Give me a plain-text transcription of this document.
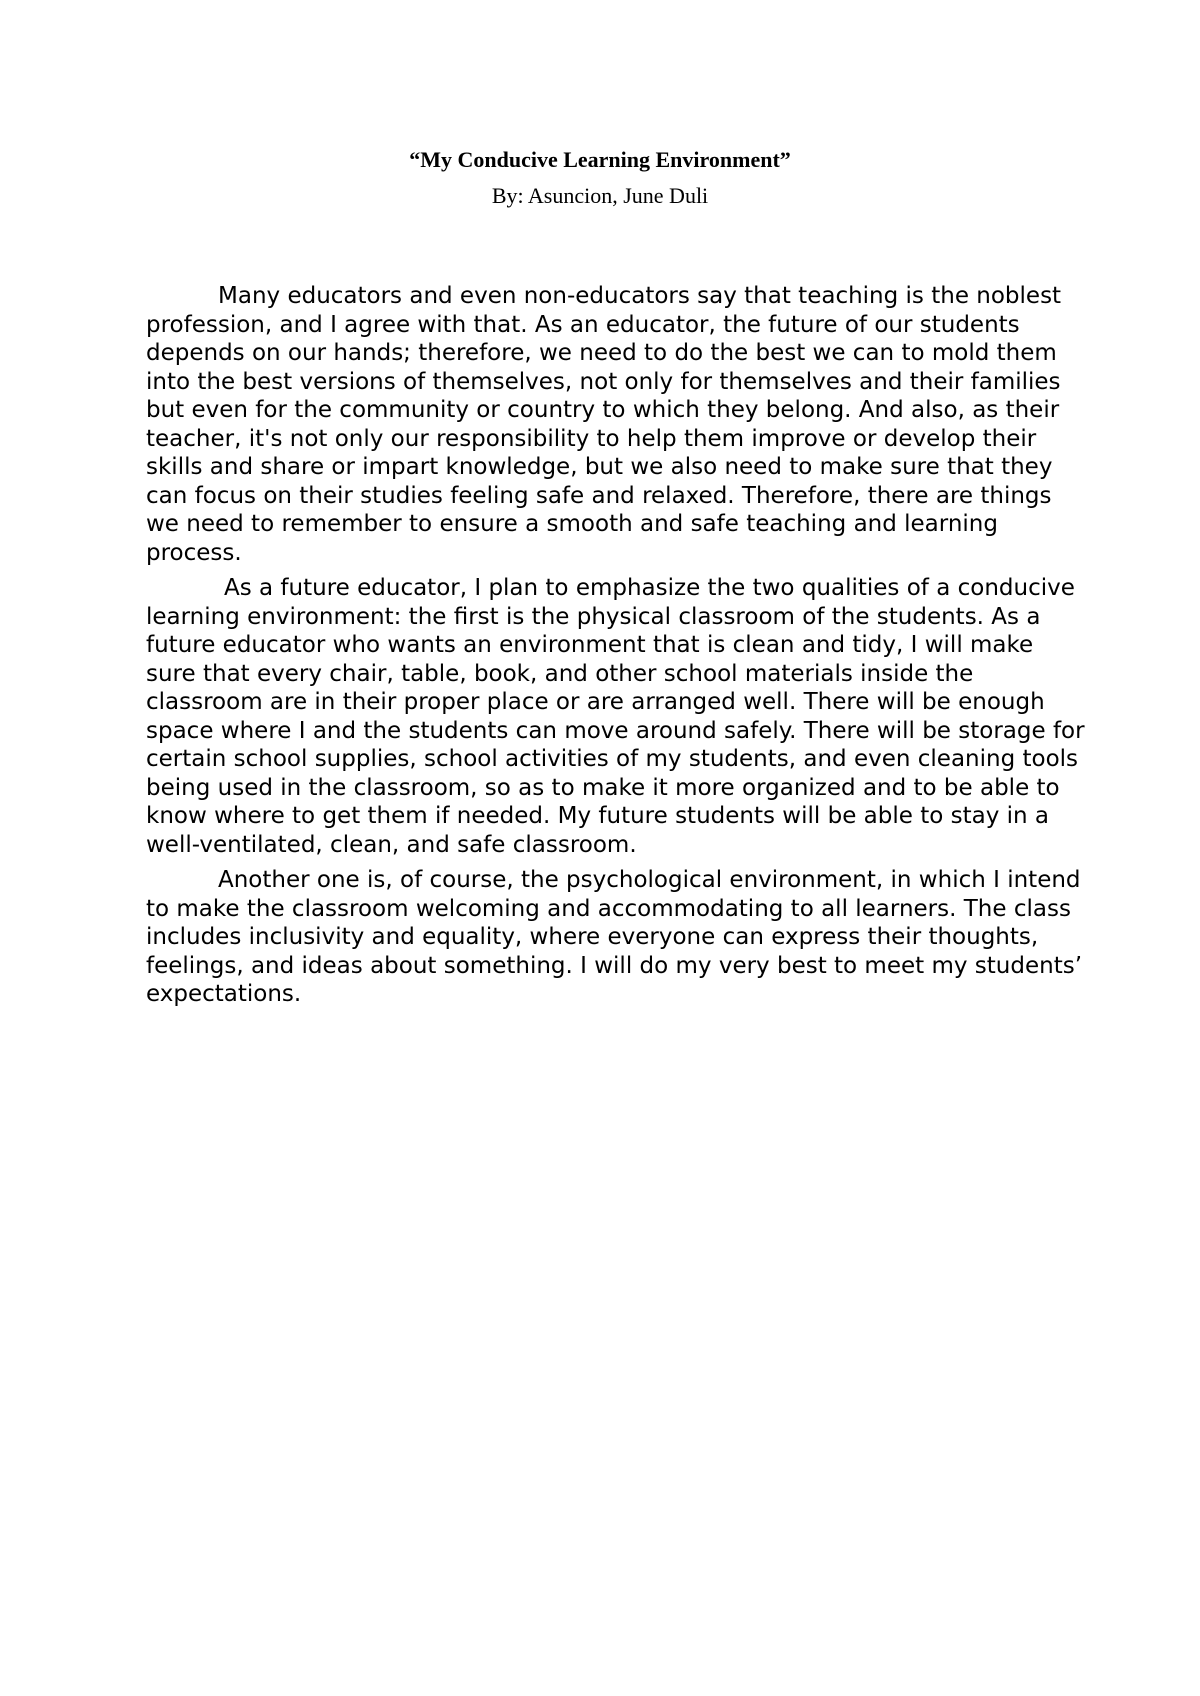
“My Conducive Learning Environment”
By: Asuncion, June Duli

Many educators and even non-educators say that teaching is the noblest profession, and I agree with that. As an educator, the future of our students depends on our hands; therefore, we need to do the best we can to mold them into the best versions of themselves, not only for themselves and their families but even for the community or country to which they belong. And also, as their teacher, it's not only our responsibility to help them improve or develop their skills and share or impart knowledge, but we also need to make sure that they can focus on their studies feeling safe and relaxed. Therefore, there are things we need to remember to ensure a smooth and safe teaching and learning process.

As a future educator, I plan to emphasize the two qualities of a conducive learning environment: the first is the physical classroom of the students. As a future educator who wants an environment that is clean and tidy, I will make sure that every chair, table, book, and other school materials inside the classroom are in their proper place or are arranged well. There will be enough space where I and the students can move around safely. There will be storage for certain school supplies, school activities of my students, and even cleaning tools being used in the classroom, so as to make it more organized and to be able to know where to get them if needed. My future students will be able to stay in a well-ventilated, clean, and safe classroom.

Another one is, of course, the psychological environment, in which I intend to make the classroom welcoming and accommodating to all learners. The class includes inclusivity and equality, where everyone can express their thoughts, feelings, and ideas about something. I will do my very best to meet my students’ expectations.
